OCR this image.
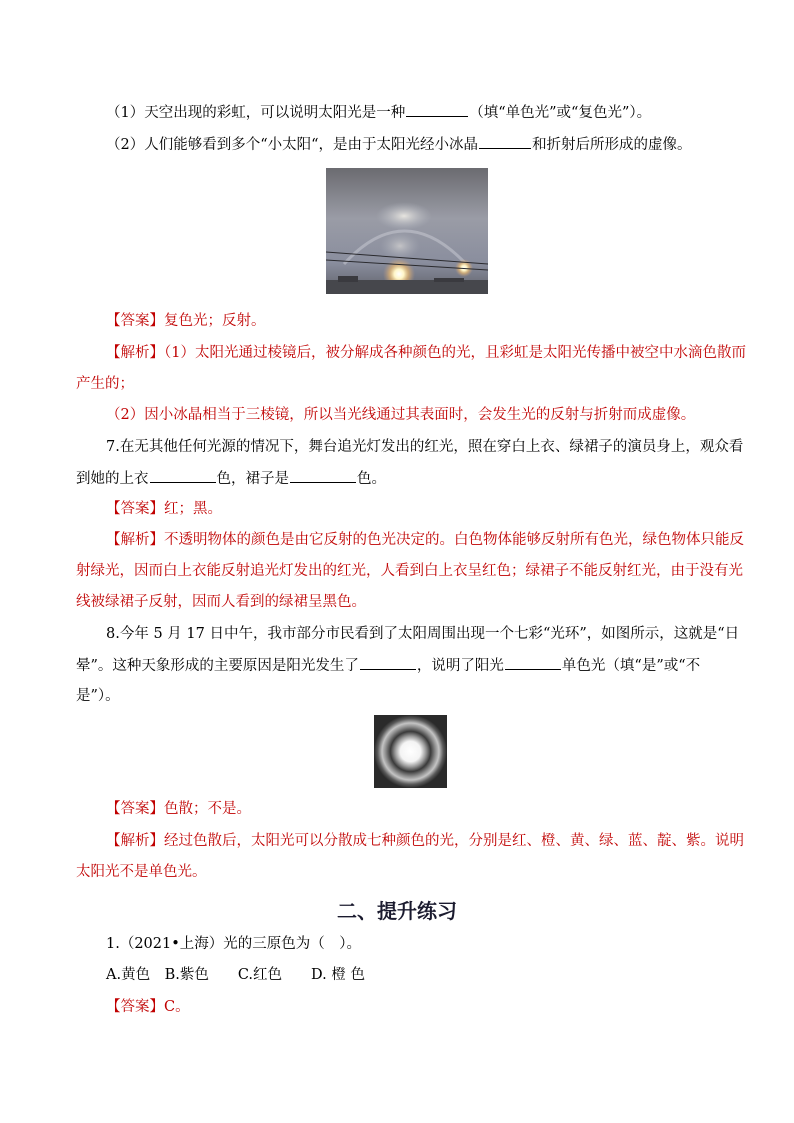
（1）天空出现的彩虹，可以说明太阳光是一种	（填“单色光”或“复色光”）。
（2）人们能够看到多个“小太阳“，是由于太阳光经小冰晶	和折射后所形成的虚像。
【答案】复色光；反射。
【解析】（1）太阳光通过棱镜后，被分解成各种颜色的光，且彩虹是太阳光传播中被空中水滴色散而
产生的；
（2）因小冰晶相当于三棱镜，所以当光线通过其表面时，会发生光的反射与折射而成虚像。
7.在无其他任何光源的情况下，舞台追光灯发出的红光，照在穿白上衣、绿裙子的演员身上，观众看
到她的上衣	色，裙子是	色。
【答案】红；黑。
【解析】不透明物体的颜色是由它反射的色光决定的。白色物体能够反射所有色光，绿色物体只能反
射绿光，因而白上衣能反射追光灯发出的红光，人看到白上衣呈红色；绿裙子不能反射红光，由于没有光
线被绿裙子反射，因而人看到的绿裙呈黑色。
8.今年 5 月 17 日中午，我市部分市民看到了太阳周围出现一个七彩“光环”，如图所示，这就是“日
晕”。这种天象形成的主要原因是阳光发生了	，说明了阳光	单色光（填“是”或“不
是”）。
【答案】色散；不是。
【解析】经过色散后，太阳光可以分散成七种颜色的光，分别是红、橙、黄、绿、蓝、靛、紫。说明
太阳光不是单色光。
二、提升练习
1.（2021•上海）光的三原色为（　）。
A.黄色　B.紫色　　C.红色　　D. 橙 色
【答案】C。
